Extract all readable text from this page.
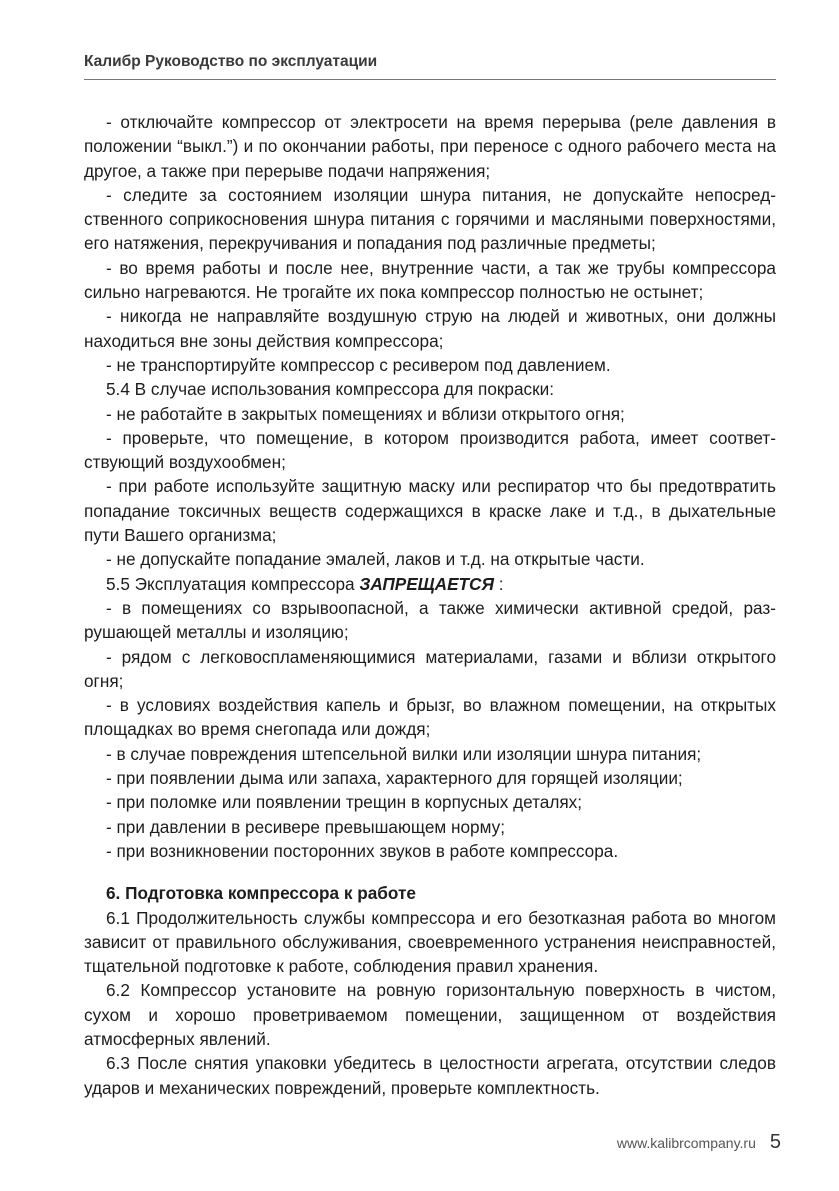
Калибр Руководство по эксплуатации

- отключайте компрессор от электросети на время перерыва (реле давления в положении “выкл.”) и по окончании работы, при переносе с одного рабочего места на другое, а также при перерыве подачи напряжения;

- следите за состоянием изоляции шнура питания, не допускайте непосредственного соприкосновения шнура питания с горячими и масляными поверхностями, его натяжения, перекручивания и попадания под различные предметы;

- во время работы и после нее, внутренние части, а так же трубы компрессора сильно нагреваются. Не трогайте их пока компрессор полностью не остынет;

- никогда не направляйте воздушную струю на людей и животных, они должны находиться вне зоны действия компрессора;

- не транспортируйте компрессор с ресивером под давлением.

5.4 В случае использования компрессора для покраски:

- не работайте в закрытых помещениях и вблизи открытого огня;

- проверьте, что помещение, в котором производится работа, имеет соответствующий воздухообмен;

- при работе используйте защитную маску или респиратор что бы предотвратить попадание токсичных веществ содержащихся в краске лаке и т.д., в дыхательные пути Вашего организма;

- не допускайте попадание эмалей, лаков и т.д. на открытые части.

5.5 Эксплуатация компрессора ЗАПРЕЩАЕТСЯ :

- в помещениях со взрывоопасной, а также химически активной средой, разрушающей металлы и изоляцию;

- рядом с легковоспламеняющимися материалами, газами и вблизи открытого огня;

- в условиях воздействия капель и брызг, во влажном помещении, на открытых площадках во время снегопада или дождя;

- в случае повреждения штепсельной вилки или изоляции шнура питания;

- при появлении дыма или запаха, характерного для горящей изоляции;

- при поломке или появлении трещин в корпусных деталях;

- при давлении в ресивере превышающем норму;

- при возникновении посторонних звуков в работе компрессора.

6. Подготовка компрессора к работе

6.1 Продолжительность службы компрессора и его безотказная работа во многом зависит от правильного обслуживания, своевременного устранения неисправностей, тщательной подготовке к работе, соблюдения правил хранения.

6.2 Компрессор установите на ровную горизонтальную поверхность в чистом, сухом и хорошо проветриваемом помещении, защищенном от воздействия атмосферных явлений.

6.3 После снятия упаковки убедитесь в целостности агрегата, отсутствии следов ударов и механических повреждений, проверьте комплектность.

www.kalibrcompany.ru 5
